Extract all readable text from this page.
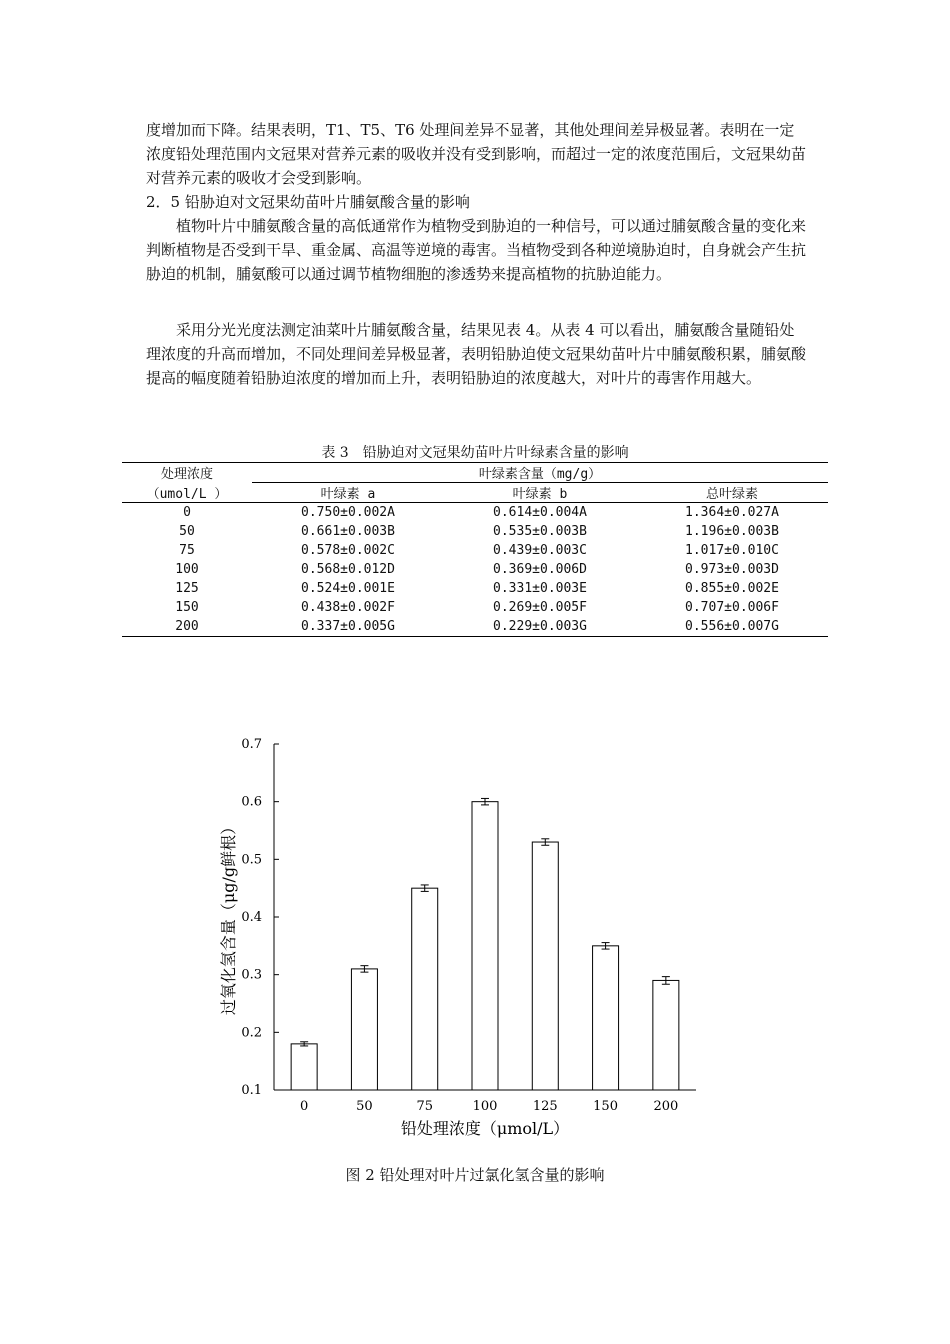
度增加而下降。结果表明，T1、T5、T6 处理间差异不显著，其他处理间差异极显著。表明在一定浓度铅处理范围内文冠果对营养元素的吸收并没有受到影响，而超过一定的浓度范围后，文冠果幼苗对营养元素的吸收才会受到影响。

2．5 铅胁迫对文冠果幼苗叶片脯氨酸含量的影响

植物叶片中脯氨酸含量的高低通常作为植物受到胁迫的一种信号，可以通过脯氨酸含量的变化来判断植物是否受到干旱、重金属、高温等逆境的毒害。当植物受到各种逆境胁迫时，自身就会产生抗胁迫的机制，脯氨酸可以通过调节植物细胞的渗透势来提高植物的抗胁迫能力。

采用分光光度法测定油菜叶片脯氨酸含量，结果见表 4。从表 4 可以看出，脯氨酸含量随铅处理浓度的升高而增加，不同处理间差异极显著，表明铅胁迫使文冠果幼苗叶片中脯氨酸积累，脯氨酸提高的幅度随着铅胁迫浓度的增加而上升，表明铅胁迫的浓度越大，对叶片的毒害作用越大。

表 3　铅胁迫对文冠果幼苗叶片叶绿素含量的影响
处理浓度	叶绿素含量（mg/g）		
（umol/L ）	叶绿素 a	叶绿素 b	总叶绿素
0	0.750±0.002A	0.614±0.004A	1.364±0.027A
50	0.661±0.003B	0.535±0.003B	1.196±0.003B
75	0.578±0.002C	0.439±0.003C	1.017±0.010C
100	0.568±0.012D	0.369±0.006D	0.973±0.003D
125	0.524±0.001E	0.331±0.003E	0.855±0.002E
150	0.438±0.002F	0.269±0.005F	0.707±0.006F
200	0.337±0.005G	0.229±0.003G	0.556±0.007G
0.1
0.2
0.3
0.4
0.5
0.6
0.7
0	50	75	100	125	150	200
铅处理浓度（μmol/L）
过氧化氢含量（μg/g鲜根）
图 2 铅处理对叶片过氯化氢含量的影响
